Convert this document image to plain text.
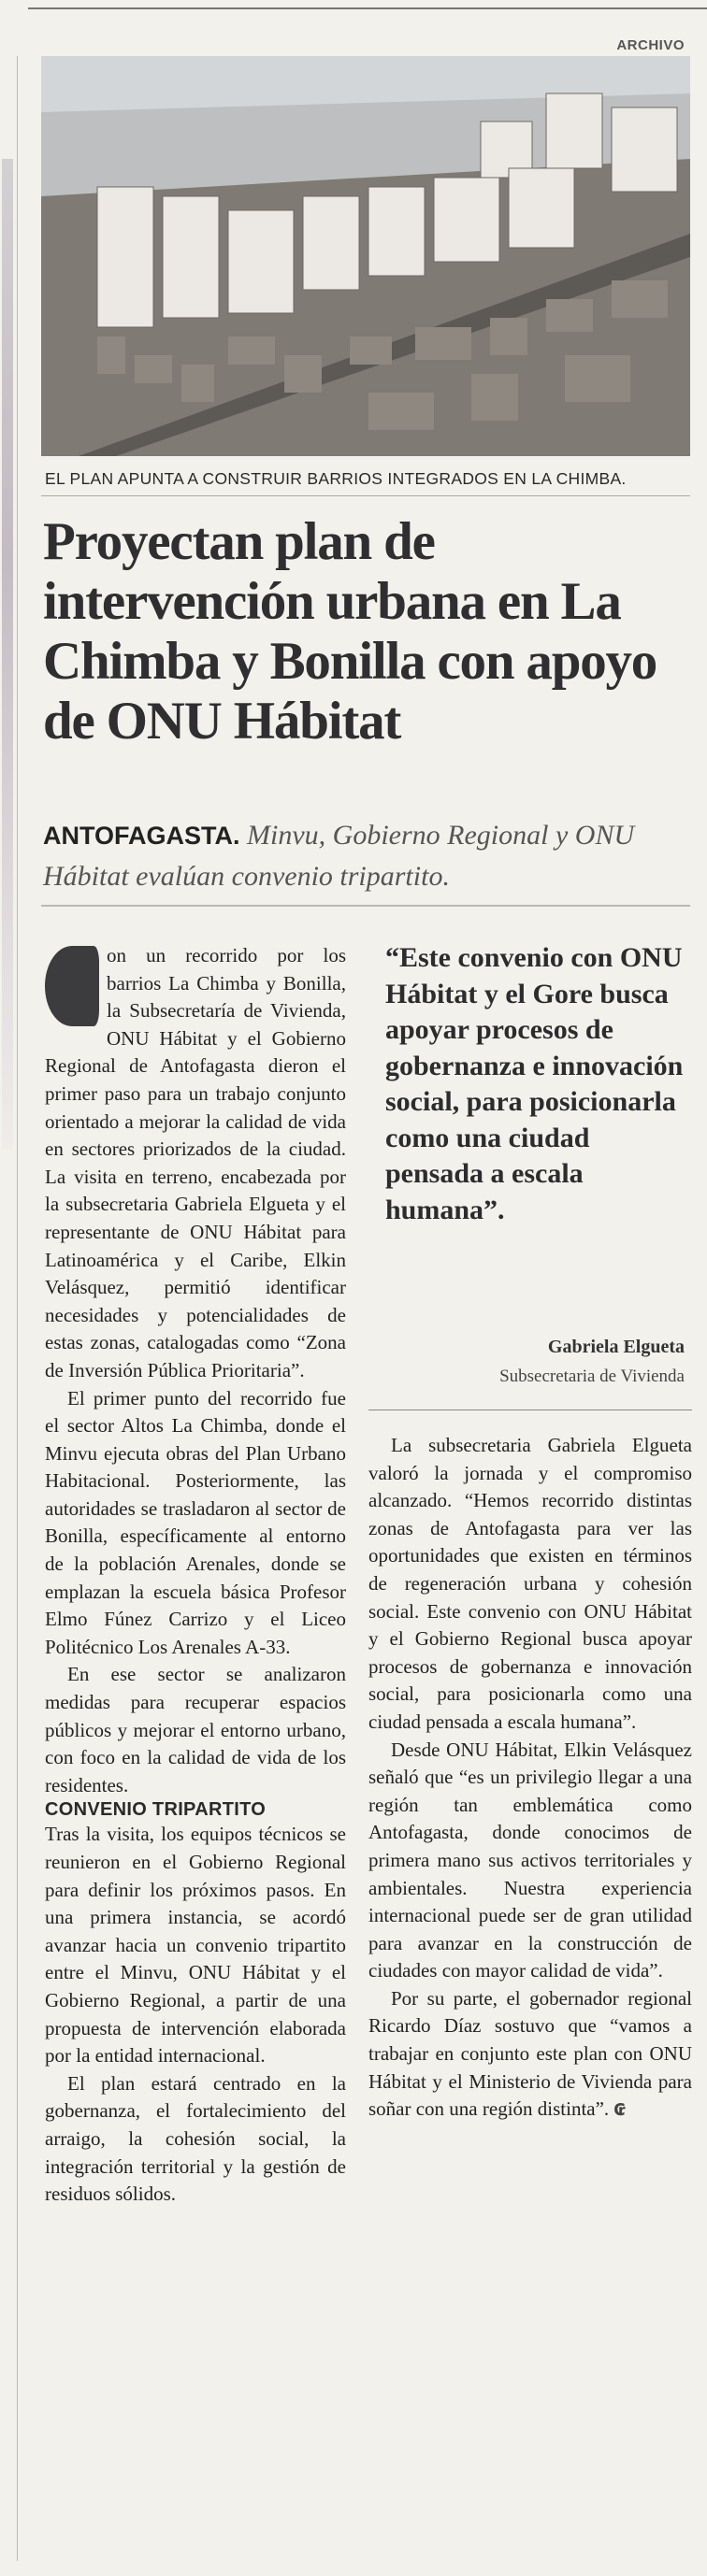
ARCHIVO
EL PLAN APUNTA A CONSTRUIR BARRIOS INTEGRADOS EN LA CHIMBA.
Proyectan plan de intervención urbana en La Chimba y Bonilla con apoyo de ONU Hábitat
ANTOFAGASTA. Minvu, Gobierno Regional y ONU Hábitat evalúan convenio tripartito.
C

on un recorrido por los barrios La Chimba y Bonilla, la Subsecretaría de Vivienda, ONU Hábitat y el Gobierno Regional de Antofagasta dieron el primer paso para un trabajo conjunto orientado a mejorar la calidad de vida en sectores priorizados de la ciudad. La visita en terreno, encabezada por la subsecretaria Gabriela Elgueta y el representante de ONU Hábitat para Latinoamérica y el Caribe, Elkin Velásquez, permitió identificar necesidades y potencialidades de estas zonas, catalogadas como “Zona de Inversión Pública Prioritaria”.

El primer punto del recorrido fue el sector Altos La Chimba, donde el Minvu ejecuta obras del Plan Urbano Habitacional. Posteriormente, las autoridades se trasladaron al sector de Bonilla, específicamente al entorno de la población Arenales, donde se emplazan la escuela básica Profesor Elmo Fúnez Carrizo y el Liceo Politécnico Los Arenales A-33.

En ese sector se analizaron medidas para recuperar espacios públicos y mejorar el entorno urbano, con foco en la calidad de vida de los residentes.

CONVENIO TRIPARTITO

Tras la visita, los equipos técnicos se reunieron en el Gobierno Regional para definir los próximos pasos. En una primera instancia, se acordó avanzar hacia un convenio tripartito entre el Minvu, ONU Hábitat y el Gobierno Regional, a partir de una propuesta de intervención elaborada por la entidad internacional.

El plan estará centrado en la gobernanza, el fortalecimiento del arraigo, la cohesión social, la integración territorial y la gestión de residuos sólidos.

“Este convenio con ONU Hábitat y el Gore busca apoyar procesos de gobernanza e innovación social, para posicionarla como una ciudad pensada a escala humana”.
Gabriela Elgueta
Subsecretaria de Vivienda

La subsecretaria Gabriela Elgueta valoró la jornada y el compromiso alcanzado. “Hemos recorrido distintas zonas de Antofagasta para ver las oportunidades que existen en términos de regeneración urbana y cohesión social. Este convenio con ONU Hábitat y el Gobierno Regional busca apoyar procesos de gobernanza e innovación social, para posicionarla como una ciudad pensada a escala humana”.

Desde ONU Hábitat, Elkin Velásquez señaló que “es un privilegio llegar a una región tan emblemática como Antofagasta, donde conocimos de primera mano sus activos territoriales y ambientales. Nuestra experiencia internacional puede ser de gran utilidad para avanzar en la construcción de ciudades con mayor calidad de vida”.

Por su parte, el gobernador regional Ricardo Díaz sostuvo que “vamos a trabajar en conjunto este plan con ONU Hábitat y el Ministerio de Vivienda para soñar con una región distinta”. ₢
